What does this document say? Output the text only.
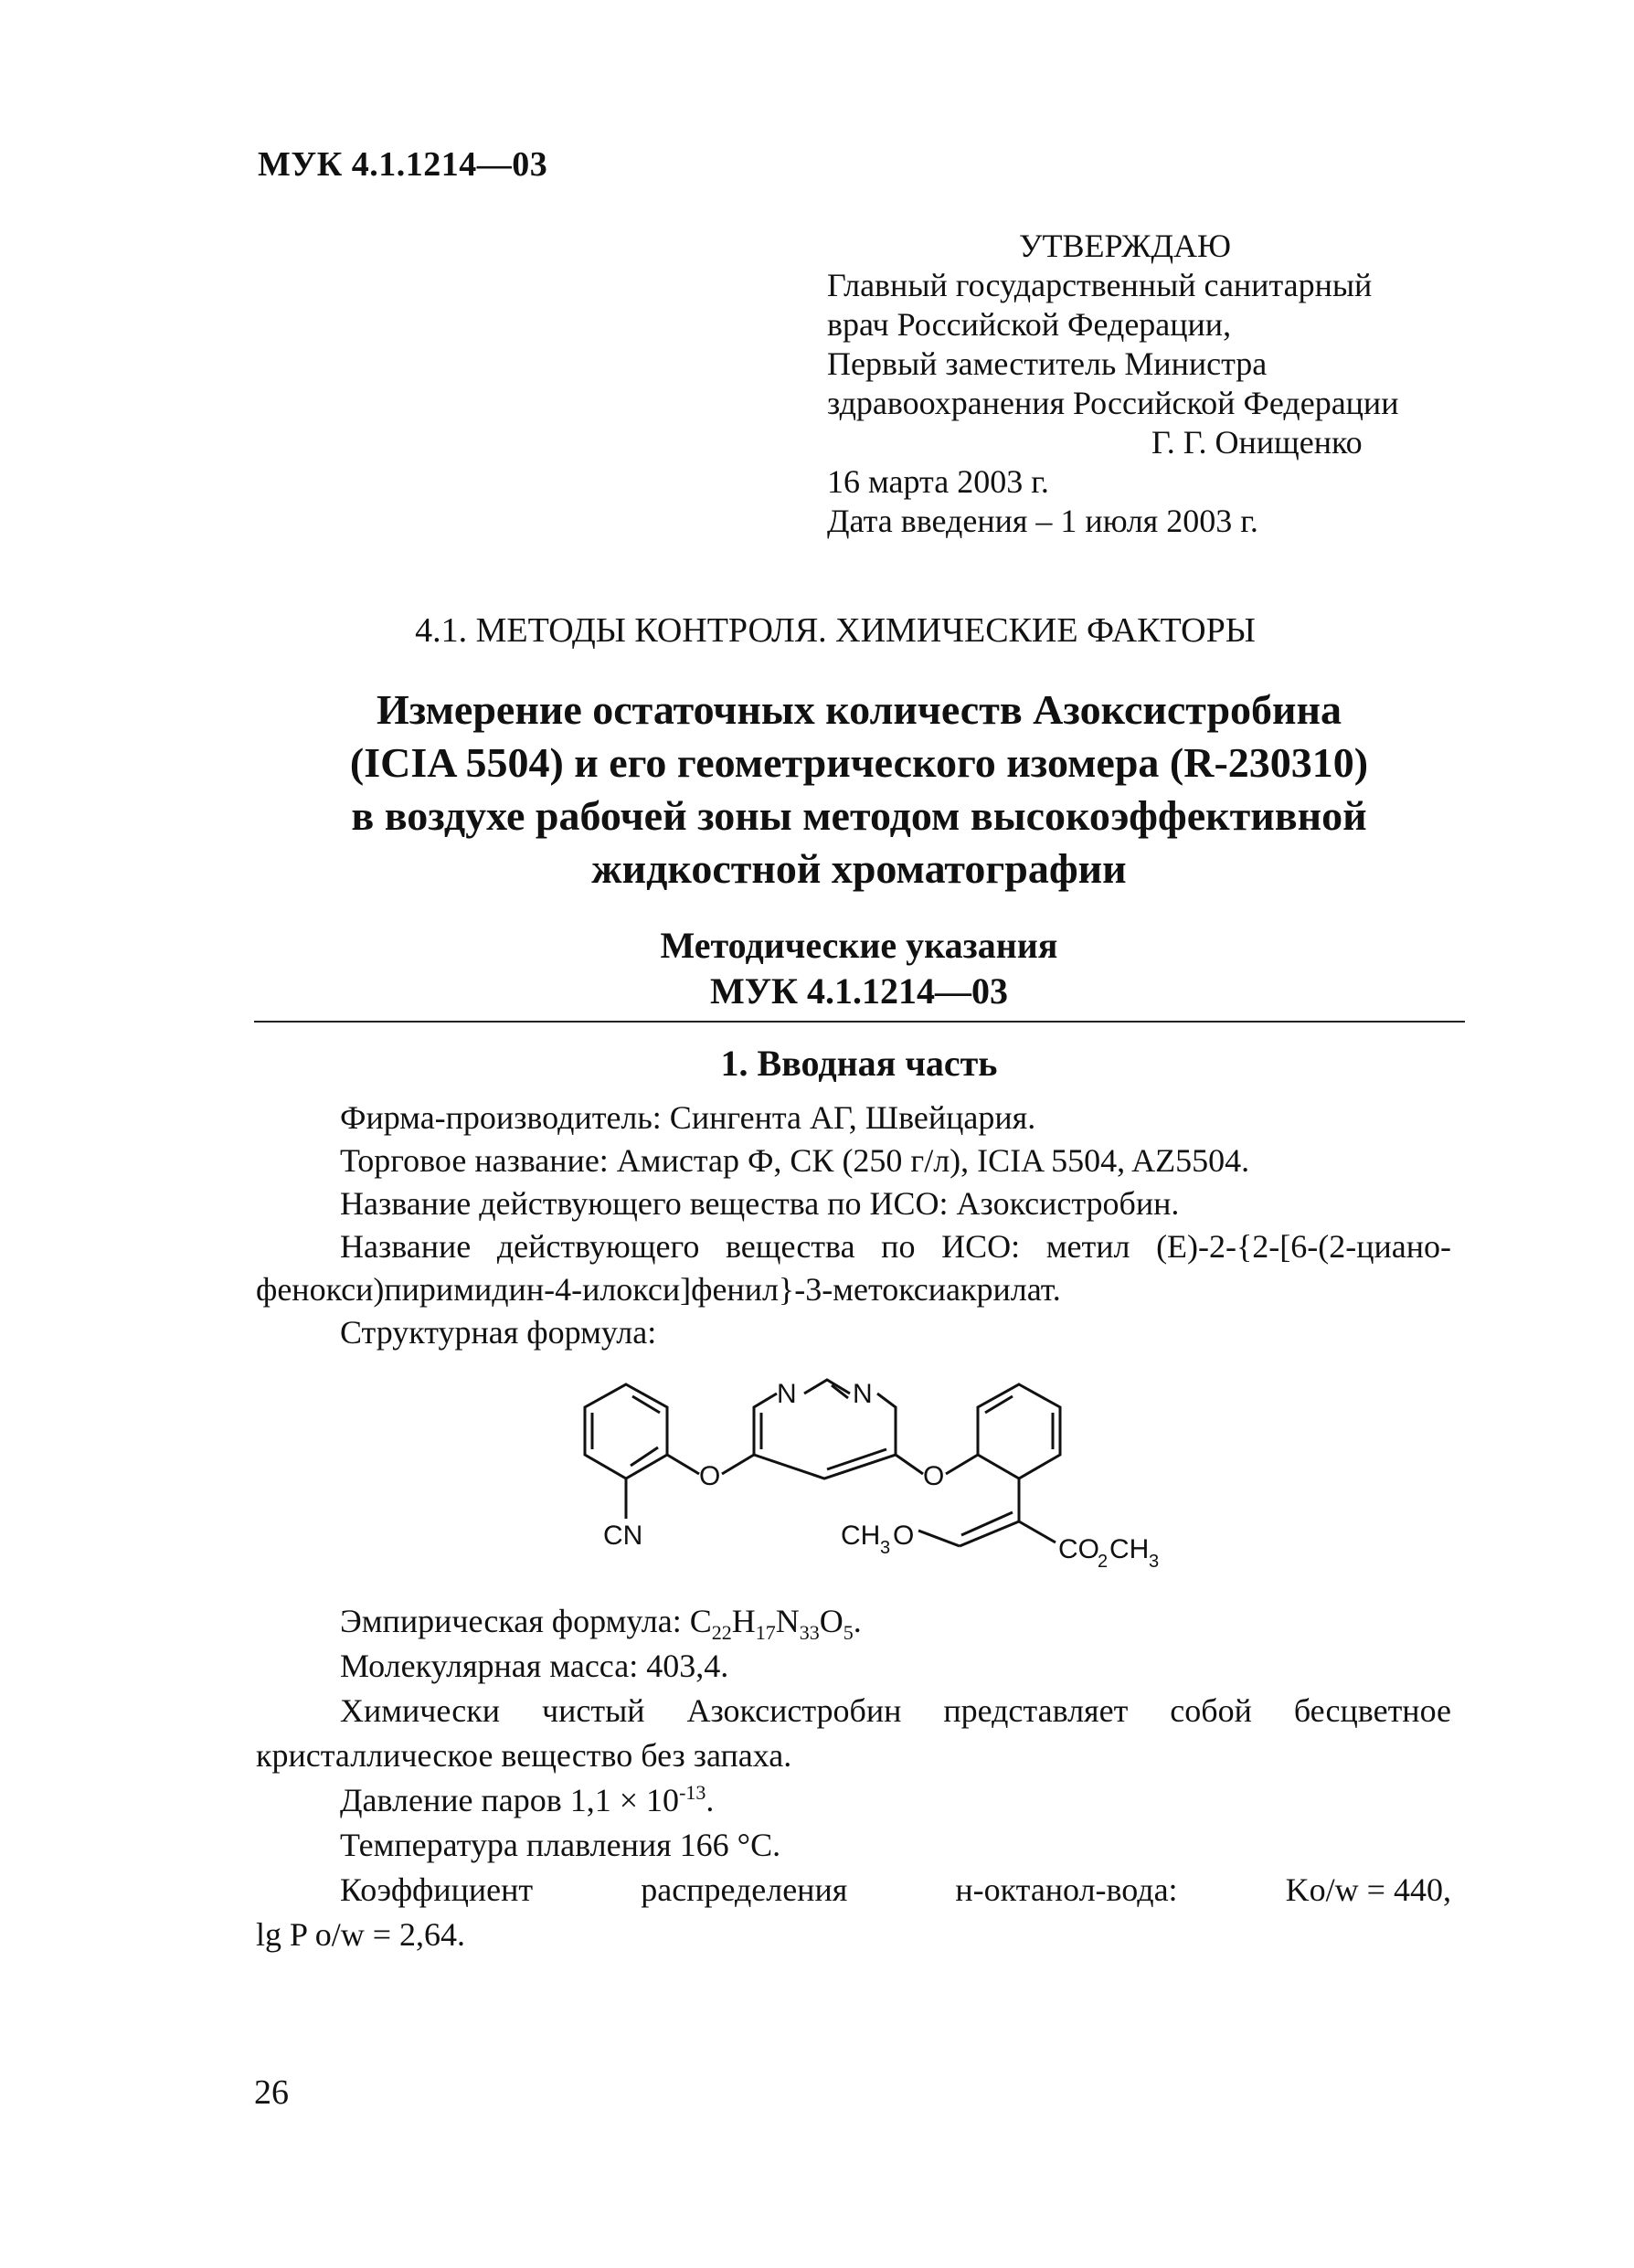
МУК 4.1.1214—03
УТВЕРЖДАЮ
Главный государственный санитарный
врач Российской Федерации,
Первый заместитель Министра
здравоохранения Российской Федерации
Г. Г. Онищенко
16 марта 2003 г.
Дата введения – 1 июля 2003 г.
4.1. МЕТОДЫ КОНТРОЛЯ. ХИМИЧЕСКИЕ ФАКТОРЫ
Измерение остаточных количеств Азоксистробина
(ICIA 5504) и его геометрического изомера (R-230310)
в воздухе рабочей зоны методом высокоэффективной
жидкостной хроматографии
Методические указания
МУК 4.1.1214—03
1. Вводная часть
Фирма-производитель: Сингента АГ, Швейцария.
Торговое название: Амистар Ф, СК (250 г/л), ICIA 5504, AZ5504.
Название действующего вещества по ИСО: Азоксистробин.
Название действующего вещества по ИСО: метил (E)-2-{2-[6-(2-циано-фенокси)пиримидин-4-илокси]фенил}-3-метоксиакрилат.
Структурная формула:
N N
O	O
CN	CH 3 O	CO
2 CH 3
Эмпирическая формула: $C_{22}H_{17}N_{33}O_5$.
Молекулярная масса: 403,4.
Химически чистый Азоксистробин представляет собой бесцветное кристаллическое вещество без запаха.
Давление паров $1,1 \times 10^{-13}$.
Температура плавления 166 °C.
Коэффициент	распределения	н-октанол-вода:	Ko/w = 440,
lg P o/w = 2,64.
26
